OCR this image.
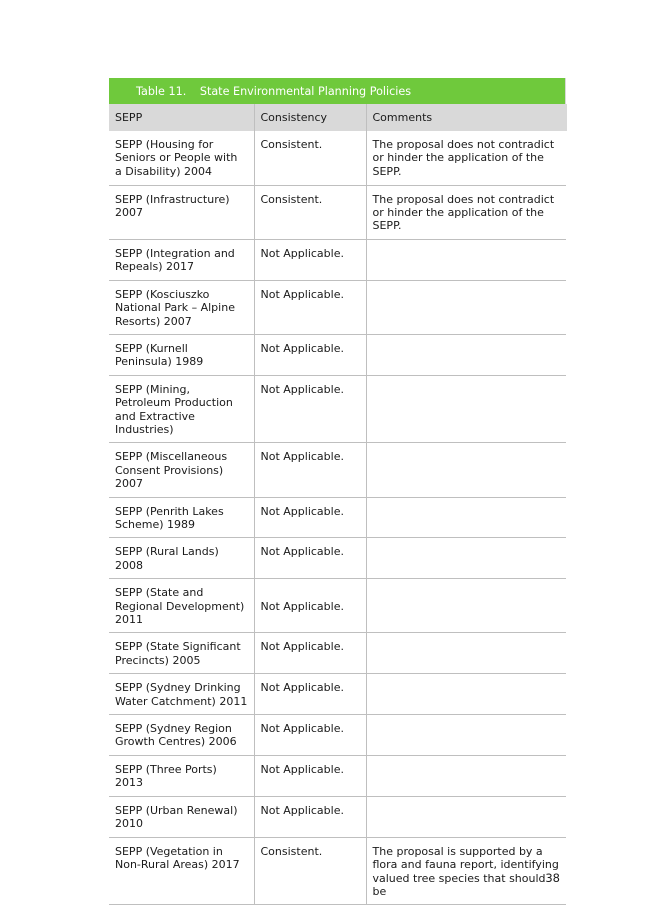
Table 11. State Environmental Planning Policies
SEPP	Consistency	Comments
SEPP (Housing for Seniors or People with a Disability) 2004	Consistent.	The proposal does not contradict or hinder the application of the SEPP.
SEPP (Infrastructure) 2007	Consistent.	The proposal does not contradict or hinder the application of the SEPP.
SEPP (Integration and Repeals) 2017	Not Applicable.	
SEPP (Kosciuszko National Park – Alpine Resorts) 2007	Not Applicable.	
SEPP (Kurnell Peninsula) 1989	Not Applicable.	
SEPP (Mining, Petroleum Production and Extractive Industries)	Not Applicable.	
SEPP (Miscellaneous Consent Provisions) 2007	Not Applicable.	
SEPP (Penrith Lakes Scheme) 1989	Not Applicable.	
SEPP (Rural Lands) 2008	Not Applicable.	
SEPP (State and Regional Development) 2011	Not Applicable.	
SEPP (State Significant Precincts) 2005	Not Applicable.	
SEPP (Sydney Drinking Water Catchment) 2011	Not Applicable.	
SEPP (Sydney Region Growth Centres) 2006	Not Applicable.	
SEPP (Three Ports) 2013	Not Applicable.	
SEPP (Urban Renewal) 2010	Not Applicable.	
SEPP (Vegetation in Non-Rural Areas) 2017	Consistent.	The proposal is supported by a flora and fauna report, identifying valued tree species that should be
38
